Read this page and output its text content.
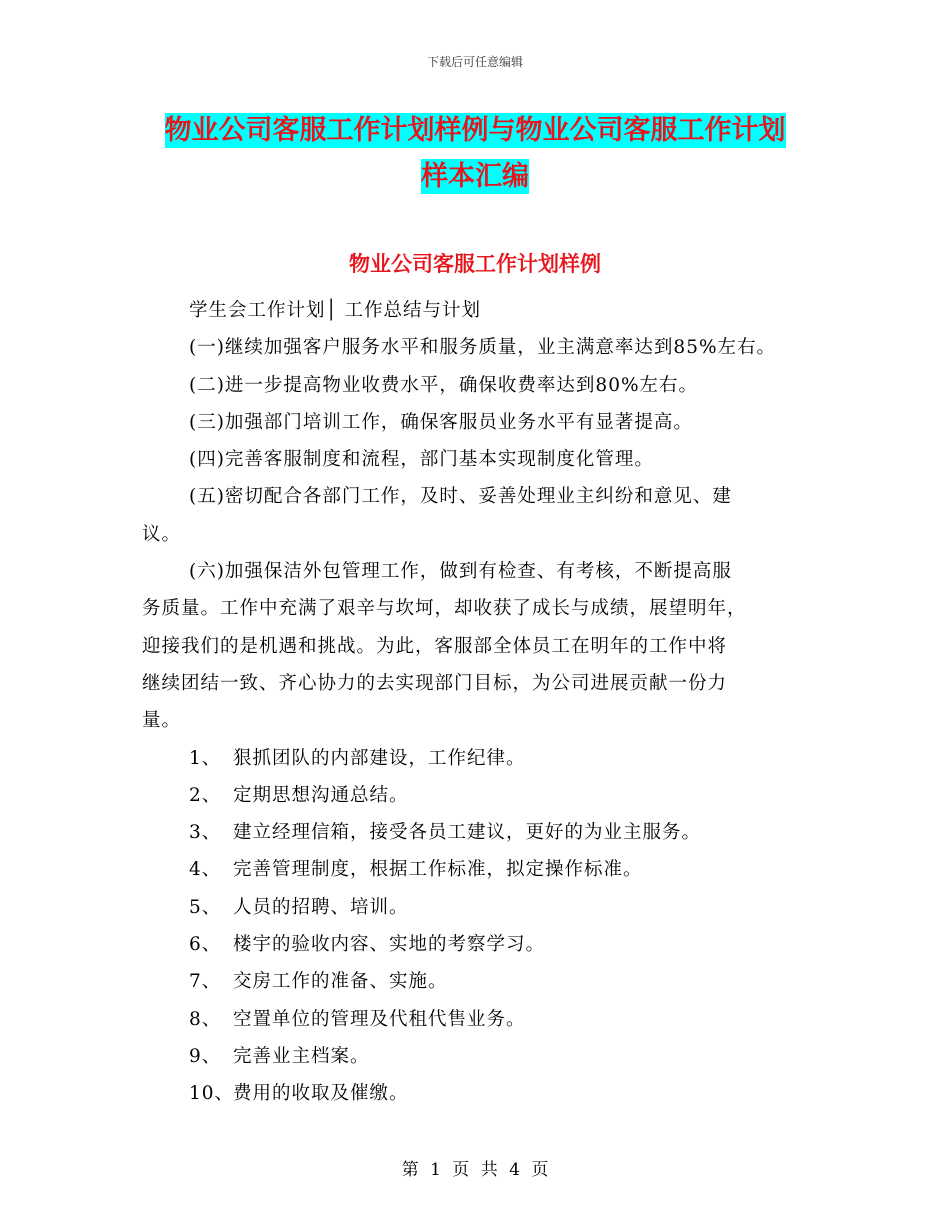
下载后可任意编辑
物业公司客服工作计划样例与物业公司客服工作计划
样本汇编
物业公司客服工作计划样例

学生会工作计划│ 工作总结与计划

(一)继续加强客户服务水平和服务质量，业主满意率达到85%左右。

(二)进一步提高物业收费水平，确保收费率达到80%左右。

(三)加强部门培训工作，确保客服员业务水平有显著提高。

(四)完善客服制度和流程，部门基本实现制度化管理。

(五)密切配合各部门工作，及时、妥善处理业主纠纷和意见、建

议。

(六)加强保洁外包管理工作，做到有检查、有考核，不断提高服

务质量。工作中充满了艰辛与坎坷，却收获了成长与成绩，展望明年，

迎接我们的是机遇和挑战。为此，客服部全体员工在明年的工作中将

继续团结一致、齐心协力的去实现部门目标，为公司进展贡献一份力

量。

1、 狠抓团队的内部建设，工作纪律。

2、 定期思想沟通总结。

3、 建立经理信箱，接受各员工建议，更好的为业主服务。

4、 完善管理制度，根据工作标准，拟定操作标准。

5、 人员的招聘、培训。

6、 楼宇的验收内容、实地的考察学习。

7、 交房工作的准备、实施。

8、 空置单位的管理及代租代售业务。

9、 完善业主档案。

10、费用的收取及催缴。

第 1 页 共 4 页
